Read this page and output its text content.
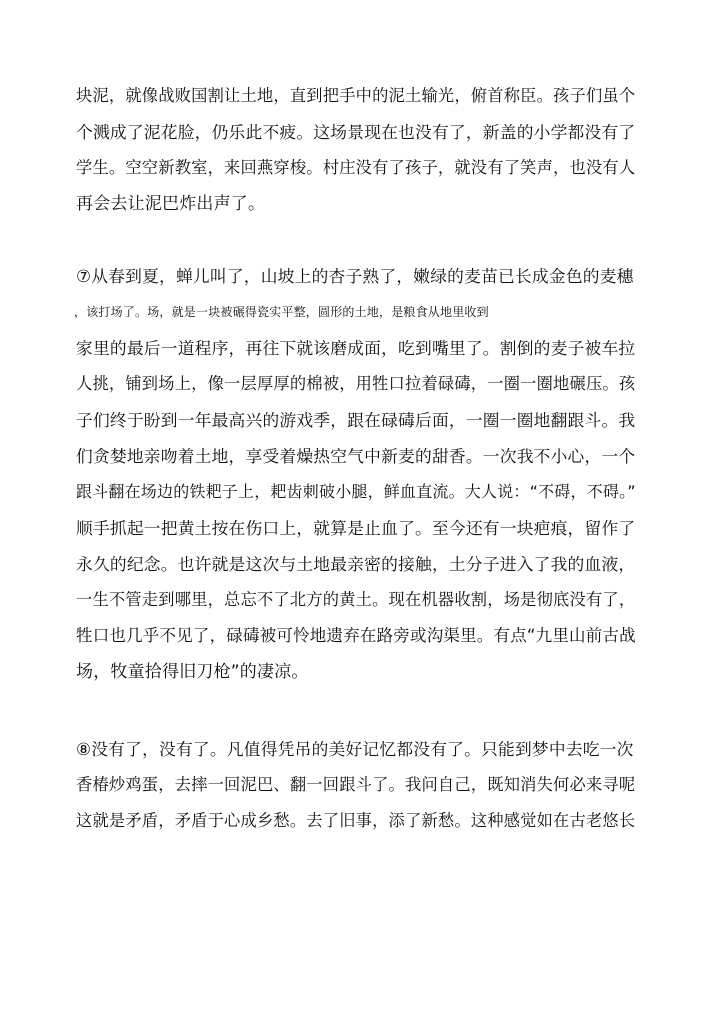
块泥，就像战败国割让土地，直到把手中的泥土输光，俯首称臣。孩子们虽个
个溅成了泥花脸，仍乐此不疲。这场景现在也没有了，新盖的小学都没有了
学生。空空新教室，来回燕穿梭。村庄没有了孩子，就没有了笑声，也没有人
再会去让泥巴炸出声了。
⑦从春到夏，蝉儿叫了，山坡上的杏子熟了，嫩绿的麦苗已长成金色的麦穗
，该打场了。场，就是一块被碾得瓷实平整，圆形的土地，是粮食从地里收到
家里的最后一道程序，再往下就该磨成面，吃到嘴里了。割倒的麦子被车拉
人挑，铺到场上，像一层厚厚的棉被，用牲口拉着碌碡，一圈一圈地碾压。孩
子们终于盼到一年最高兴的游戏季，跟在碌碡后面，一圈一圈地翻跟斗。我
们贪婪地亲吻着土地，享受着燥热空气中新麦的甜香。一次我不小心，一个
跟斗翻在场边的铁耙子上，耙齿刺破小腿，鲜血直流。大人说：“不碍，不碍。”
顺手抓起一把黄土按在伤口上，就算是止血了。至今还有一块疤痕，留作了
永久的纪念。也许就是这次与土地最亲密的接触，土分子进入了我的血液，
一生不管走到哪里，总忘不了北方的黄土。现在机器收割，场是彻底没有了，
牲口也几乎不见了，碌碡被可怜地遗弃在路旁或沟渠里。有点“九里山前古战
场，牧童拾得旧刀枪”的凄凉。
⑧没有了，没有了。凡值得凭吊的美好记忆都没有了。只能到梦中去吃一次
香椿炒鸡蛋，去摔一回泥巴、翻一回跟斗了。我问自己，既知消失何必来寻呢
这就是矛盾，矛盾于心成乡愁。去了旧事，添了新愁。这种感觉如在古老悠长
